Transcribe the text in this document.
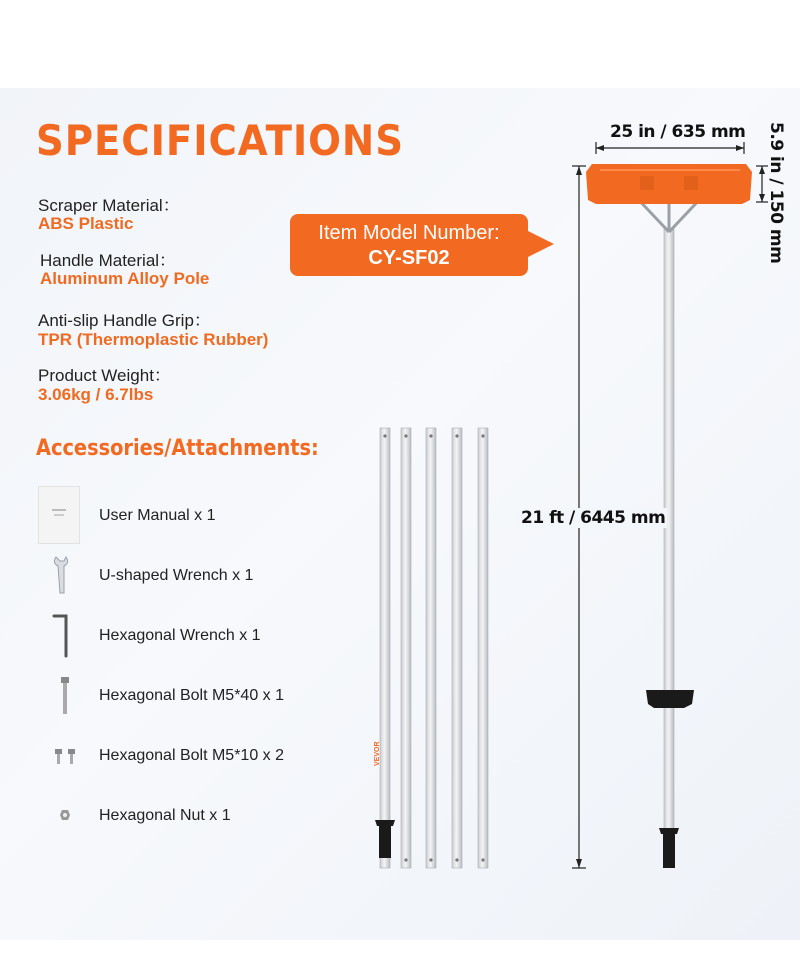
SPECIFICATIONS
Scraper Material：
ABS Plastic
Handle Material：
Aluminum Alloy Pole
Anti-slip Handle Grip：
TPR (Thermoplastic Rubber)
Product Weight：
3.06kg / 6.7lbs
Item Model Number:
CY-SF02
Accessories/Attachments:
User Manual x 1
U-shaped Wrench x 1
Hexagonal Wrench x 1
Hexagonal Bolt M5*40 x 1
Hexagonal Bolt M5*10 x 2
Hexagonal Nut x 1
25 in / 635 mm 5.9 in / 150 mm
21 ft / 6445 mm
VEVOR
